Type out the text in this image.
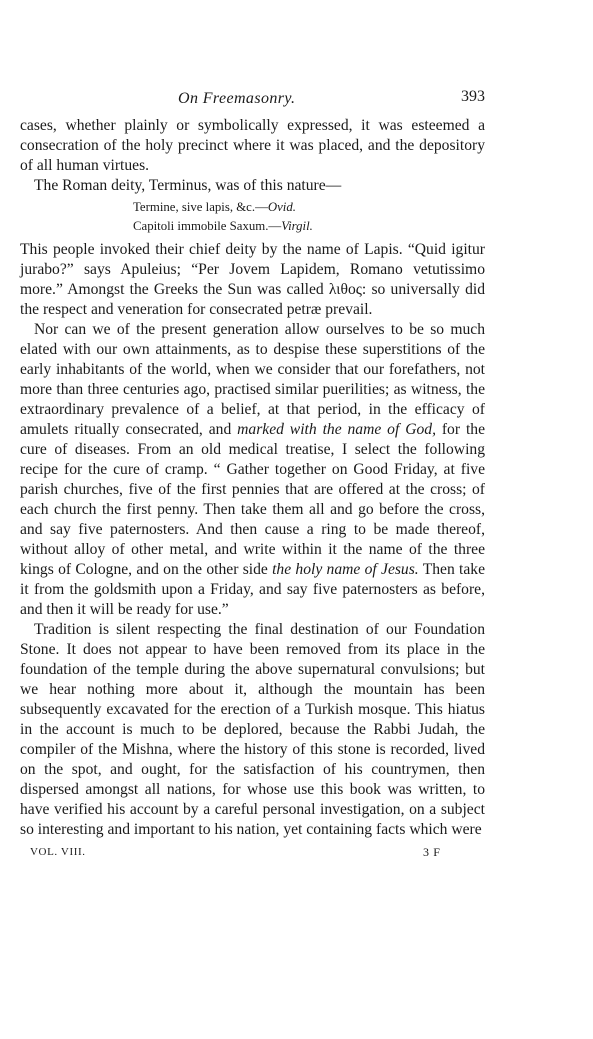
On Freemasonry.	393

cases, whether plainly or symbolically expressed, it was esteemed a consecration of the holy precinct where it was placed, and the depository of all human virtues.

The Roman deity, Terminus, was of this nature—

Termine, sive lapis, &c.—Ovid.
Capitoli immobile Saxum.—Virgil.

This people invoked their chief deity by the name of Lapis. “Quid igitur jurabo?” says Apuleius; “Per Jovem Lapidem, Romano vetutissimo more.” Amongst the Greeks the Sun was called λιθος: so universally did the respect and veneration for consecrated petræ prevail.

Nor can we of the present generation allow ourselves to be so much elated with our own attainments, as to despise these superstitions of the early inhabitants of the world, when we consider that our forefathers, not more than three centuries ago, practised similar puerilities; as witness, the extraordinary prevalence of a belief, at that period, in the efficacy of amulets ritually consecrated, and marked with the name of God, for the cure of diseases. From an old medical treatise, I select the following recipe for the cure of cramp. “ Gather together on Good Friday, at five parish churches, five of the first pennies that are offered at the cross; of each church the first penny. Then take them all and go before the cross, and say five paternosters. And then cause a ring to be made thereof, without alloy of other metal, and write within it the name of the three kings of Cologne, and on the other side the holy name of Jesus. Then take it from the goldsmith upon a Friday, and say five paternosters as before, and then it will be ready for use.”

Tradition is silent respecting the final destination of our Foundation Stone. It does not appear to have been removed from its place in the foundation of the temple during the above supernatural convulsions; but we hear nothing more about it, although the mountain has been subsequently excavated for the erection of a Turkish mosque. This hiatus in the account is much to be deplored, because the Rabbi Judah, the compiler of the Mishna, where the history of this stone is recorded, lived on the spot, and ought, for the satisfaction of his countrymen, then dispersed amongst all nations, for whose use this book was written, to have verified his account by a careful personal investigation, on a subject so interesting and important to his nation, yet containing facts which were

VOL. VIII.	3 F
